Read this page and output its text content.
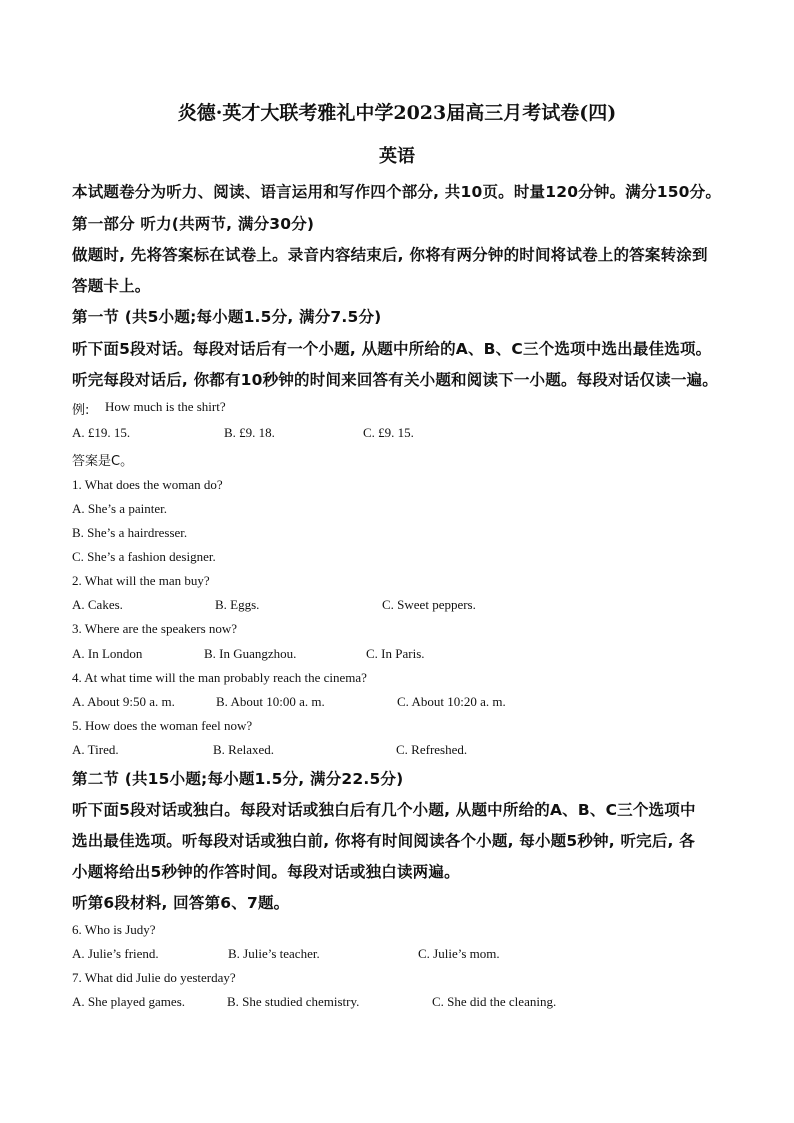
炎德·英才大联考雅礼中学2023届高三月考试卷(四)
英语
本试题卷分为听力、阅读、语言运用和写作四个部分, 共10页。时量120分钟。满分150分。
第一部分 听力(共两节, 满分30分)
做题时, 先将答案标在试卷上。录音内容结束后, 你将有两分钟的时间将试卷上的答案转涂到
答题卡上。
第一节 (共5小题;每小题1.5分, 满分7.5分)
听下面5段对话。每段对话后有一个小题, 从题中所给的A、B、C三个选项中选出最佳选项。
听完每段对话后, 你都有10秒钟的时间来回答有关小题和阅读下一小题。每段对话仅读一遍。
例: How much is the shirt?
A. £19. 15.	B. £9. 18.	C. £9. 15.
答案是C。
1. What does the woman do?
A. She’s a painter.
B. She’s a hairdresser.
C. She’s a fashion designer.
2. What will the man buy?
A. Cakes.	B. Eggs.	C. Sweet peppers.
3. Where are the speakers now?
A. In London	B. In Guangzhou.	C. In Paris.
4. At what time will the man probably reach the cinema?
A. About 9:50 a. m.	B. About 10:00 a. m.	C. About 10:20 a. m.
5. How does the woman feel now?
A. Tired.	B. Relaxed.	C. Refreshed.
第二节 (共15小题;每小题1.5分, 满分22.5分)
听下面5段对话或独白。每段对话或独白后有几个小题, 从题中所给的A、B、C三个选项中
选出最佳选项。听每段对话或独白前, 你将有时间阅读各个小题, 每小题5秒钟, 听完后, 各
小题将给出5秒钟的作答时间。每段对话或独白读两遍。
听第6段材料, 回答第6、7题。
6. Who is Judy?
A. Julie’s friend.	B. Julie’s teacher.	C. Julie’s mom.
7. What did Julie do yesterday?
A. She played games.	B. She studied chemistry.	C. She did the cleaning.
